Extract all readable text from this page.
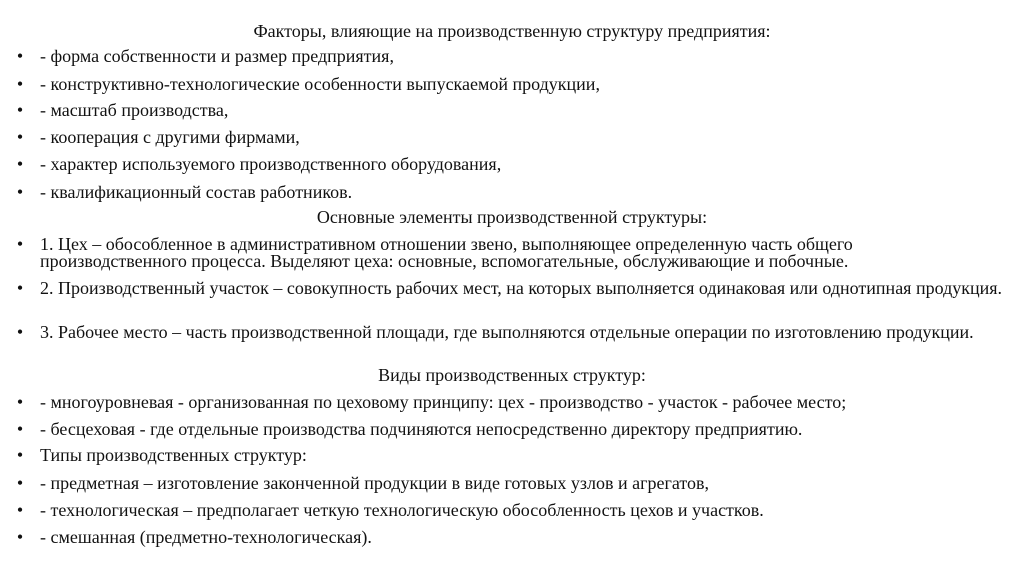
Факторы, влияющие на производственную структуру предприятия:
• - форма собственности и размер предприятия,
• - конструктивно-технологические особенности выпускаемой продукции,
• - масштаб производства,
• - кооперация с другими фирмами,
• - характер используемого производственного оборудования,
• - квалификационный состав работников.
Основные элементы производственной структуры:
• 1. Цех – обособленное в административном отношении звено, выполняющее определенную часть общего производственного процесса. Выделяют цеха: основные, вспомогательные, обслуживающие и побочные.
• 2. Производственный участок – совокупность рабочих мест, на которых выполняется одинаковая или однотипная продукция.
• 3. Рабочее место – часть производственной площади, где выполняются отдельные операции по изготовлению продукции.
Виды производственных структур:
• - многоуровневая - организованная по цеховому принципу: цех - производство - участок - рабочее место;
• - бесцеховая - где отдельные производства подчиняются непосредственно директору предприятию.
• Типы производственных структур:
• - предметная – изготовление законченной продукции в виде готовых узлов и агрегатов,
• - технологическая – предполагает четкую технологическую обособленность цехов и участков.
• - смешанная (предметно-технологическая).
